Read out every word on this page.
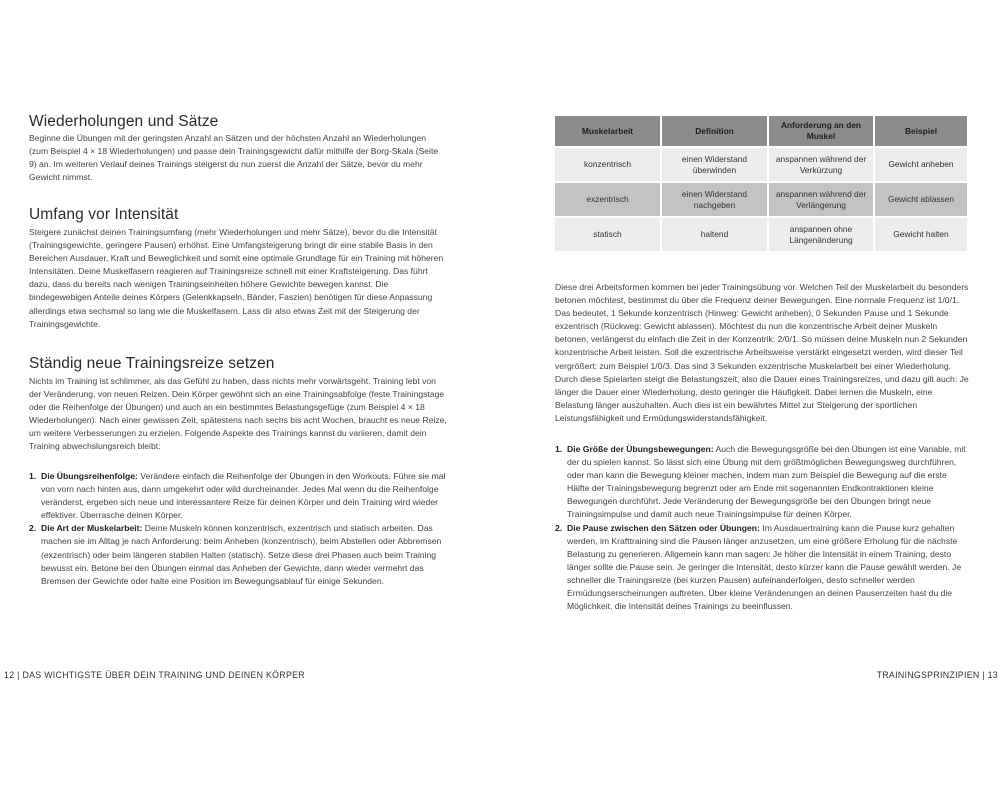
Wiederholungen und Sätze

Beginne die Übungen mit der geringsten Anzahl an Sätzen und der höchsten Anzahl an Wiederholungen (zum Beispiel 4 × 18 Wiederholungen) und passe dein Trainingsgewicht dafür mithilfe der Borg-Skala (Seite 9) an. Im weiteren Verlauf deines Trainings steigerst du nun zuerst die Anzahl der Sätze, bevor du mehr Gewicht nimmst.

Umfang vor Intensität

Steigere zunächst deinen Trainingsumfang (mehr Wiederholungen und mehr Sätze), bevor du die Intensität (Trainingsgewichte, geringere Pausen) erhöhst. Eine Umfangsteigerung bringt dir eine stabile Basis in den Bereichen Ausdauer, Kraft und Beweglichkeit und somit eine optimale Grundlage für ein Training mit höheren Intensitäten. Deine Muskelfasern reagieren auf Trainingsreize schnell mit einer Kraftsteigerung. Das führt dazu, dass du bereits nach wenigen Trainingseinheiten höhere Gewichte bewegen kannst. Die bindegewebigen Anteile deines Körpers (Gelenkkapseln, Bänder, Faszien) benötigen für diese Anpassung allerdings etwa sechsmal so lang wie die Muskelfasern. Lass dir also etwas Zeit mit der Steigerung der Trainingsgewichte.

Ständig neue Trainingsreize setzen

Nichts im Training ist schlimmer, als das Gefühl zu haben, dass nichts mehr vorwärtsgeht. Training lebt von der Veränderung, von neuen Reizen. Dein Körper gewöhnt sich an eine Trainingsabfolge (feste Trainingstage oder die Reihenfolge der Übungen) und auch an ein bestimmtes Belastungsgefüge (zum Beispiel 4 × 18 Wiederholungen). Nach einer gewissen Zeit, spätestens nach sechs bis acht Wochen, braucht es neue Reize, um weitere Verbesserungen zu erzielen. Folgende Aspekte des Trainings kannst du variieren, damit dein Training abwechslungsreich bleibt:

1. Die Übungsreihenfolge: Verändere einfach die Reihenfolge der Übungen in den Workouts. Führe sie mal von vorn nach hinten aus, dann umgekehrt oder wild durcheinander. Jedes Mal wenn du die Reihenfolge veränderst, ergeben sich neue und interessantere Reize für deinen Körper und dein Training wird wieder effektiver. Überrasche deinen Körper.
2. Die Art der Muskelarbeit: Deine Muskeln können konzentrisch, exzentrisch und statisch arbeiten. Das machen sie im Alltag je nach Anforderung: beim Anheben (konzentrisch), beim Abstellen oder Abbremsen (exzentrisch) oder beim längeren stabilen Halten (statisch). Setze diese drei Phasen auch beim Training bewusst ein. Betone bei den Übungen einmal das Anheben der Gewichte, dann wieder vermehrt das Bremsen der Gewichte oder halte eine Position im Bewegungsablauf für einige Sekunden.
12 | DAS WICHTIGSTE ÜBER DEIN TRAINING UND DEINEN KÖRPER
Muskelarbeit	Definition	Anforderung an den Muskel	Beispiel
konzentrisch	einen Widerstand überwinden	anspannen während der Verkürzung	Gewicht anheben
exzentrisch	einen Widerstand nachgeben	anspannen während der Verlängerung	Gewicht ablassen
statisch	haltend	anspannen ohne Längenänderung	Gewicht halten

Diese drei Arbeitsformen kommen bei jeder Trainingsübung vor. Welchen Teil der Muskelarbeit du besonders betonen möchtest, bestimmst du über die Frequenz deiner Bewegungen. Eine normale Frequenz ist 1/0/1. Das bedeutet, 1 Sekunde konzentrisch (Hinweg: Gewicht anheben), 0 Sekunden Pause und 1 Sekunde exzentrisch (Rückweg: Gewicht ablassen). Möchtest du nun die konzentrische Arbeit deiner Muskeln betonen, verlängerst du einfach die Zeit in der Konzentrik: 2/0/1. So müssen deine Muskeln nun 2 Sekunden konzentrische Arbeit leisten. Soll die exzentrische Arbeitsweise verstärkt eingesetzt werden, wird dieser Teil vergrößert: zum Beispiel 1/0/3. Das sind 3 Sekunden exzentrische Muskelarbeit bei einer Wiederholung. Durch diese Spielarten steigt die Belastungszeit, also die Dauer eines Trainingsreizes, und dazu gilt auch: Je länger die Dauer einer Wiederholung, desto geringer die Häufigkeit. Dabei lernen die Muskeln, eine Belastung länger auszuhalten. Auch dies ist ein bewährtes Mittel zur Steigerung der sportlichen Leistungsfähigkeit und Ermüdungswiderstandsfähigkeit.

1. Die Größe der Übungsbewegungen: Auch die Bewegungsgröße bei den Übungen ist eine Variable, mit der du spielen kannst. So lässt sich eine Übung mit dem größtmöglichen Bewegungsweg durchführen, oder man kann die Bewegung kleiner machen, indem man zum Beispiel die Bewegung auf die erste Hälfte der Trainingsbewegung begrenzt oder am Ende mit sogenannten Endkontraktionen kleine Bewegungen durchführt. Jede Veränderung der Bewegungsgröße bei den Übungen bringt neue Trainingsimpulse und damit auch neue Trainingsimpulse für deinen Körper.
2. Die Pause zwischen den Sätzen oder Übungen: Im Ausdauertraining kann die Pause kurz gehalten werden, im Krafttraining sind die Pausen länger anzusetzen, um eine größere Erholung für die nächste Belastung zu generieren. Allgemein kann man sagen: Je höher die Intensität in einem Training, desto länger sollte die Pause sein. Je geringer die Intensität, desto kürzer kann die Pause gewählt werden. Je schneller die Trainingsreize (bei kurzen Pausen) aufeinanderfolgen, desto schneller werden Ermüdungserscheinungen auftreten. Über kleine Veränderungen an deinen Pausenzeiten hast du die Möglichkeit, die Intensität deines Trainings zu beeinflussen.
TRAININGSPRINZIPIEN | 13
